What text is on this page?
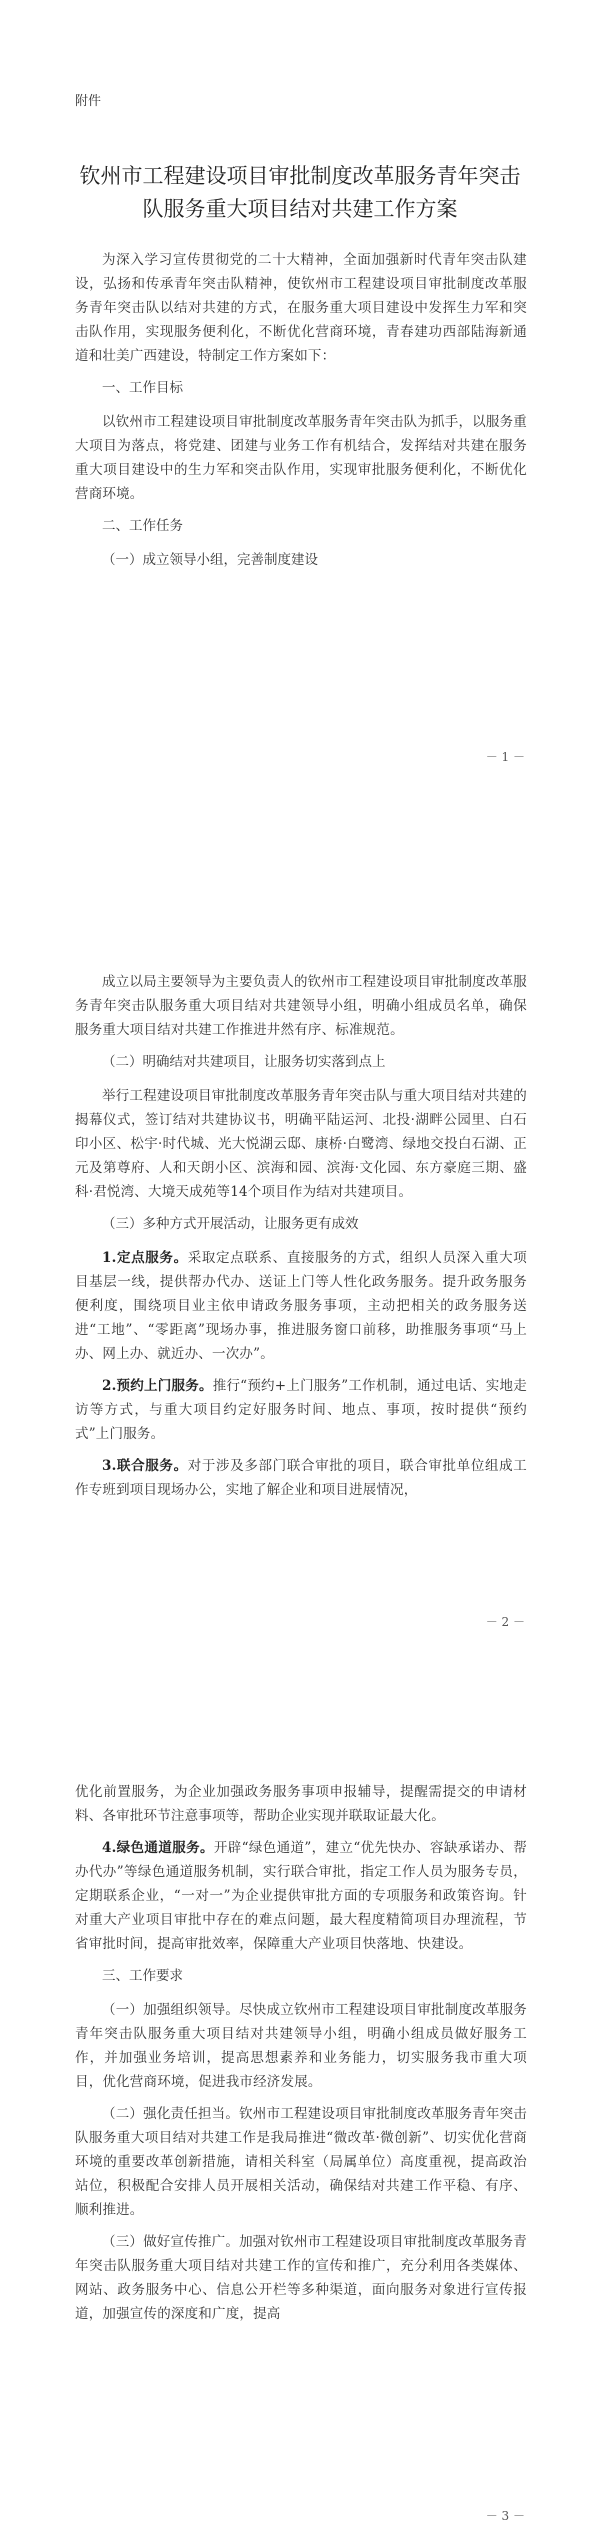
附件
钦州市工程建设项目审批制度改革服务青年突击队服务重大项目结对共建工作方案

为深入学习宣传贯彻党的二十大精神，全面加强新时代青年突击队建设，弘扬和传承青年突击队精神，使钦州市工程建设项目审批制度改革服务青年突击队以结对共建的方式，在服务重大项目建设中发挥生力军和突击队作用，实现服务便利化，不断优化营商环境，青春建功西部陆海新通道和壮美广西建设，特制定工作方案如下：

一、工作目标

以钦州市工程建设项目审批制度改革服务青年突击队为抓手，以服务重大项目为落点，将党建、团建与业务工作有机结合，发挥结对共建在服务重大项目建设中的生力军和突击队作用，实现审批服务便利化，不断优化营商环境。

二、工作任务

（一）成立领导小组，完善制度建设

－ 1 －

成立以局主要领导为主要负责人的钦州市工程建设项目审批制度改革服务青年突击队服务重大项目结对共建领导小组，明确小组成员名单，确保服务重大项目结对共建工作推进井然有序、标准规范。

（二）明确结对共建项目，让服务切实落到点上

举行工程建设项目审批制度改革服务青年突击队与重大项目结对共建的揭幕仪式，签订结对共建协议书，明确平陆运河、北投·湖畔公园里、白石印小区、松宇·时代城、光大悦湖云邸、康桥·白鹭湾、绿地交投白石湖、正元及第尊府、人和天朗小区、滨海和园、滨海·文化园、东方豪庭三期、盛科·君悦湾、大境天成苑等14个项目作为结对共建项目。

（三）多种方式开展活动，让服务更有成效

1.定点服务。采取定点联系、直接服务的方式，组织人员深入重大项目基层一线，提供帮办代办、送证上门等人性化政务服务。提升政务服务便利度，围绕项目业主依申请政务服务事项，主动把相关的政务服务送进“工地”、“零距离”现场办事，推进服务窗口前移，助推服务事项“马上办、网上办、就近办、一次办”。

2.预约上门服务。推行“预约+上门服务”工作机制，通过电话、实地走访等方式，与重大项目约定好服务时间、地点、事项，按时提供“预约式”上门服务。

3.联合服务。对于涉及多部门联合审批的项目，联合审批单位组成工作专班到项目现场办公，实地了解企业和项目进展情况，

－ 2 －

优化前置服务，为企业加强政务服务事项申报辅导，提醒需提交的申请材料、各审批环节注意事项等，帮助企业实现并联取证最大化。

4.绿色通道服务。开辟“绿色通道”，建立“优先快办、容缺承诺办、帮办代办”等绿色通道服务机制，实行联合审批，指定工作人员为服务专员，定期联系企业，“一对一”为企业提供审批方面的专项服务和政策咨询。针对重大产业项目审批中存在的难点问题，最大程度精简项目办理流程，节省审批时间，提高审批效率，保障重大产业项目快落地、快建设。

三、工作要求

（一）加强组织领导。尽快成立钦州市工程建设项目审批制度改革服务青年突击队服务重大项目结对共建领导小组，明确小组成员做好服务工作，并加强业务培训，提高思想素养和业务能力，切实服务我市重大项目，优化营商环境，促进我市经济发展。

（二）强化责任担当。钦州市工程建设项目审批制度改革服务青年突击队服务重大项目结对共建工作是我局推进“微改革·微创新”、切实优化营商环境的重要改革创新措施，请相关科室（局属单位）高度重视，提高政治站位，积极配合安排人员开展相关活动，确保结对共建工作平稳、有序、顺利推进。

（三）做好宣传推广。加强对钦州市工程建设项目审批制度改革服务青年突击队服务重大项目结对共建工作的宣传和推广，充分利用各类媒体、网站、政务服务中心、信息公开栏等多种渠道，面向服务对象进行宣传报道，加强宣传的深度和广度，提高

－ 3 －
